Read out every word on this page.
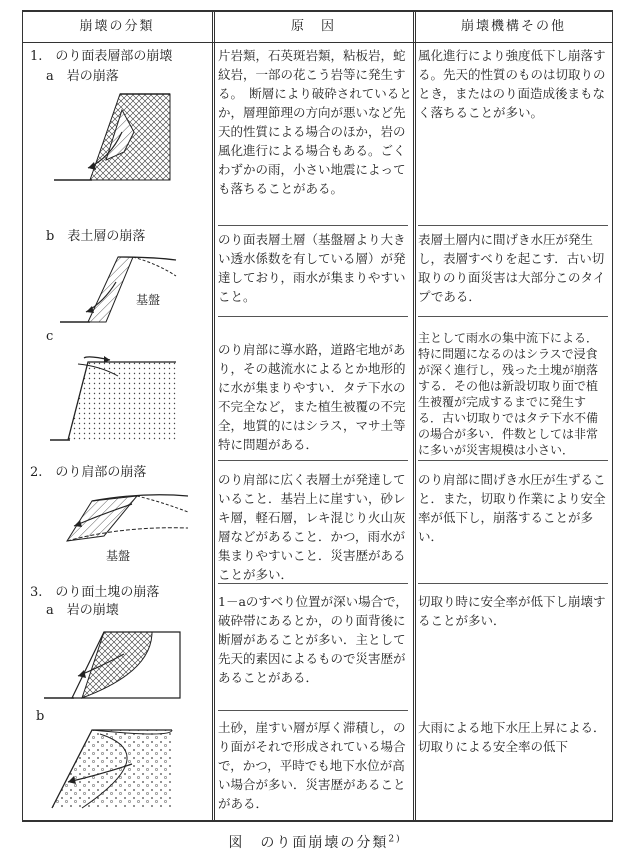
崩壊の分類	原　因	崩壊機構その他
1.　のり面表層部の崩壊
a　岩の崩落
片岩類，石英斑岩類，粘板岩，蛇紋岩，一部の花こう岩等に発生する。　断層により破砕されているとか，層理節理の方向が悪いなど先天的性質による場合のほか，岩の風化進行による場合もある。ごくわずかの雨，小さい地震によっても落ちることがある。
風化進行により強度低下し崩落する。先天的性質のものは切取りのとき，またはのり面造成後まもなく落ちることが多い。
b　表土層の崩落
基盤
のり面表層土層（基盤層より大きい透水係数を有している層）が発達しており，雨水が集まりやすいこと。
表層土層内に間げき水圧が発生し，表層すべりを起こす．古い切取りのり面災害は大部分このタイプである．
c
のり肩部に導水路，道路宅地があり，その越流水によるとか地形的に水が集まりやすい．タテ下水の不完全など，また植生被覆の不完全，地質的にはシラス，マサ土等特に問題がある．
主として雨水の集中流下による．特に問題になるのはシラスで浸食が深く進行し，残った土塊が崩落する．その他は新設切取り面で植生被覆が完成するまでに発生する．古い切取りではタテ下水不備の場合が多い．件数としては非常に多いが災害規模は小さい．
2.　のり肩部の崩落
基盤
のり肩部に広く表層土が発達していること．基岩上に崖すい，砂レキ層，軽石層，レキ混じり火山灰層などがあること．かつ，雨水が集まりやすいこと．災害歴があることが多い．
のり肩部に間げき水圧が生ずること．また，切取り作業により安全率が低下し，崩落することが多い．
3.　のり面土塊の崩落
a　岩の崩壊
1－aのすべり位置が深い場合で，破砕帯にあるとか，のり面背後に断層があることが多い．主として先天的素因によるもので災害歴があることがある．
切取り時に安全率が低下し崩壊することが多い．
b
土砂，崖すい層が厚く滞積し，のり面がそれで形成されている場合で，かつ，平時でも地下水位が高い場合が多い．災害歴があることがある．
大雨による地下水圧上昇による．切取りによる安全率の低下
図　のり面崩壊の分類$^{2)}$
